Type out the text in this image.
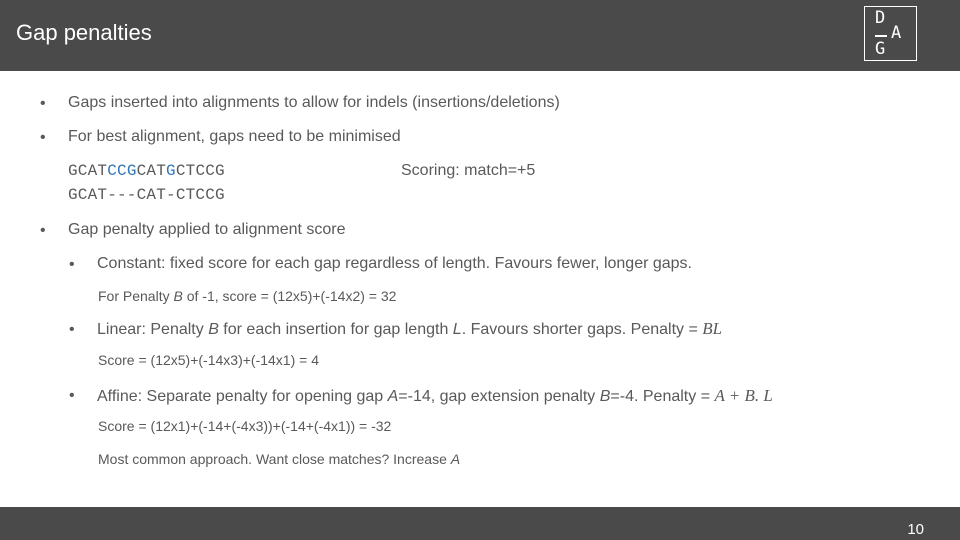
Gap penalties
D
A
G
• Gaps inserted into alignments to allow for indels (insertions/deletions)
• For best alignment, gaps need to be minimised
GCATCCGCATGCTCCG	Scoring: match=+5
GCAT---CAT-CTCCG
• Gap penalty applied to alignment score
• Constant: fixed score for each gap regardless of length. Favours fewer, longer gaps.
For Penalty B of -1, score = (12x5)+(-14x2) = 32
• Linear: Penalty B for each insertion for gap length L. Favours shorter gaps. Penalty = BL
Score = (12x5)+(-14x3)+(-14x1) = 4
• Affine: Separate penalty for opening gap A=-14, gap extension penalty B=-4. Penalty = A + B. L
Score = (12x1)+(-14+(-4x3))+(-14+(-4x1)) = -32
Most common approach. Want close matches? Increase A
10
